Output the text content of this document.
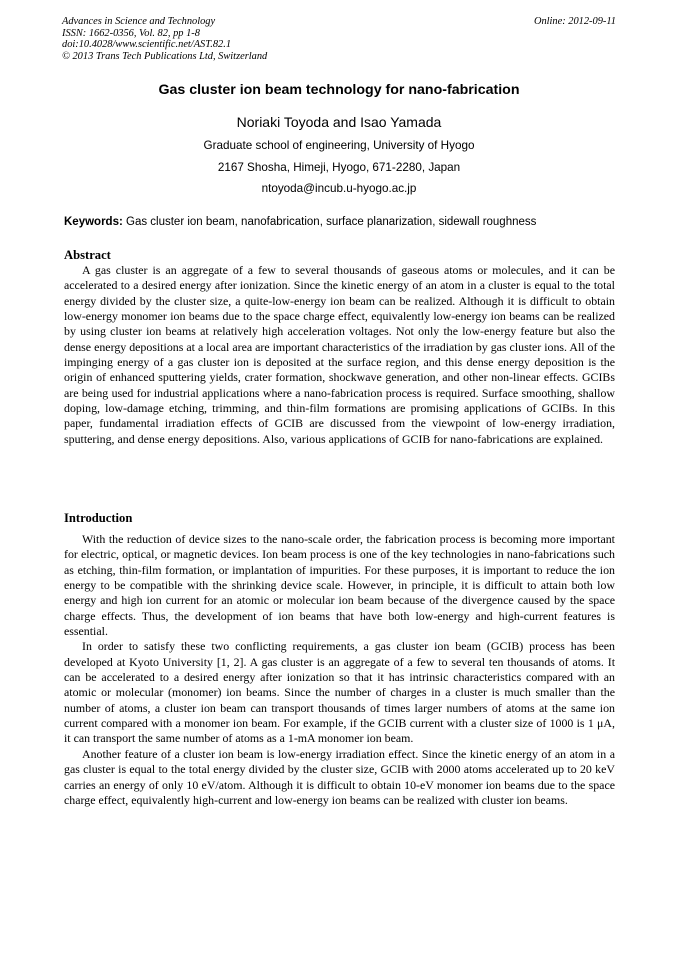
Advances in Science and Technology
ISSN: 1662-0356, Vol. 82, pp 1-8
doi:10.4028/www.scientific.net/AST.82.1
© 2013 Trans Tech Publications Ltd, Switzerland
Online: 2012-09-11
Gas cluster ion beam technology for nano-fabrication
Noriaki Toyoda and Isao Yamada
Graduate school of engineering, University of Hyogo
2167 Shosha, Himeji, Hyogo, 671-2280, Japan
ntoyoda@incub.u-hyogo.ac.jp
Keywords: Gas cluster ion beam, nanofabrication, surface planarization, sidewall roughness
Abstract

A gas cluster is an aggregate of a few to several thousands of gaseous atoms or molecules, and it can be accelerated to a desired energy after ionization. Since the kinetic energy of an atom in a cluster is equal to the total energy divided by the cluster size, a quite-low-energy ion beam can be realized. Although it is difficult to obtain low-energy monomer ion beams due to the space charge effect, equivalently low-energy ion beams can be realized by using cluster ion beams at relatively high acceleration voltages. Not only the low-energy feature but also the dense energy depositions at a local area are important characteristics of the irradiation by gas cluster ions. All of the impinging energy of a gas cluster ion is deposited at the surface region, and this dense energy deposition is the origin of enhanced sputtering yields, crater formation, shockwave generation, and other non-linear effects. GCIBs are being used for industrial applications where a nano-fabrication process is required. Surface smoothing, shallow doping, low-damage etching, trimming, and thin-film formations are promising applications of GCIBs. In this paper, fundamental irradiation effects of GCIB are discussed from the viewpoint of low-energy irradiation, sputtering, and dense energy depositions. Also, various applications of GCIB for nano-fabrications are explained.

Introduction

With the reduction of device sizes to the nano-scale order, the fabrication process is becoming more important for electric, optical, or magnetic devices. Ion beam process is one of the key technologies in nano-fabrications such as etching, thin-film formation, or implantation of impurities. For these purposes, it is important to reduce the ion energy to be compatible with the shrinking device scale. However, in principle, it is difficult to attain both low energy and high ion current for an atomic or molecular ion beam because of the divergence caused by the space charge effects. Thus, the development of ion beams that have both low-energy and high-current features is essential.

In order to satisfy these two conflicting requirements, a gas cluster ion beam (GCIB) process has been developed at Kyoto University [1, 2]. A gas cluster is an aggregate of a few to several ten thousands of atoms. It can be accelerated to a desired energy after ionization so that it has intrinsic characteristics compared with an atomic or molecular (monomer) ion beams. Since the number of charges in a cluster is much smaller than the number of atoms, a cluster ion beam can transport thousands of times larger numbers of atoms at the same ion current compared with a monomer ion beam. For example, if the GCIB current with a cluster size of 1000 is 1 μA, it can transport the same number of atoms as a 1-mA monomer ion beam.

Another feature of a cluster ion beam is low-energy irradiation effect. Since the kinetic energy of an atom in a gas cluster is equal to the total energy divided by the cluster size, GCIB with 2000 atoms accelerated up to 20 keV carries an energy of only 10 eV/atom. Although it is difficult to obtain 10-eV monomer ion beams due to the space charge effect, equivalently high-current and low-energy ion beams can be realized with cluster ion beams.
